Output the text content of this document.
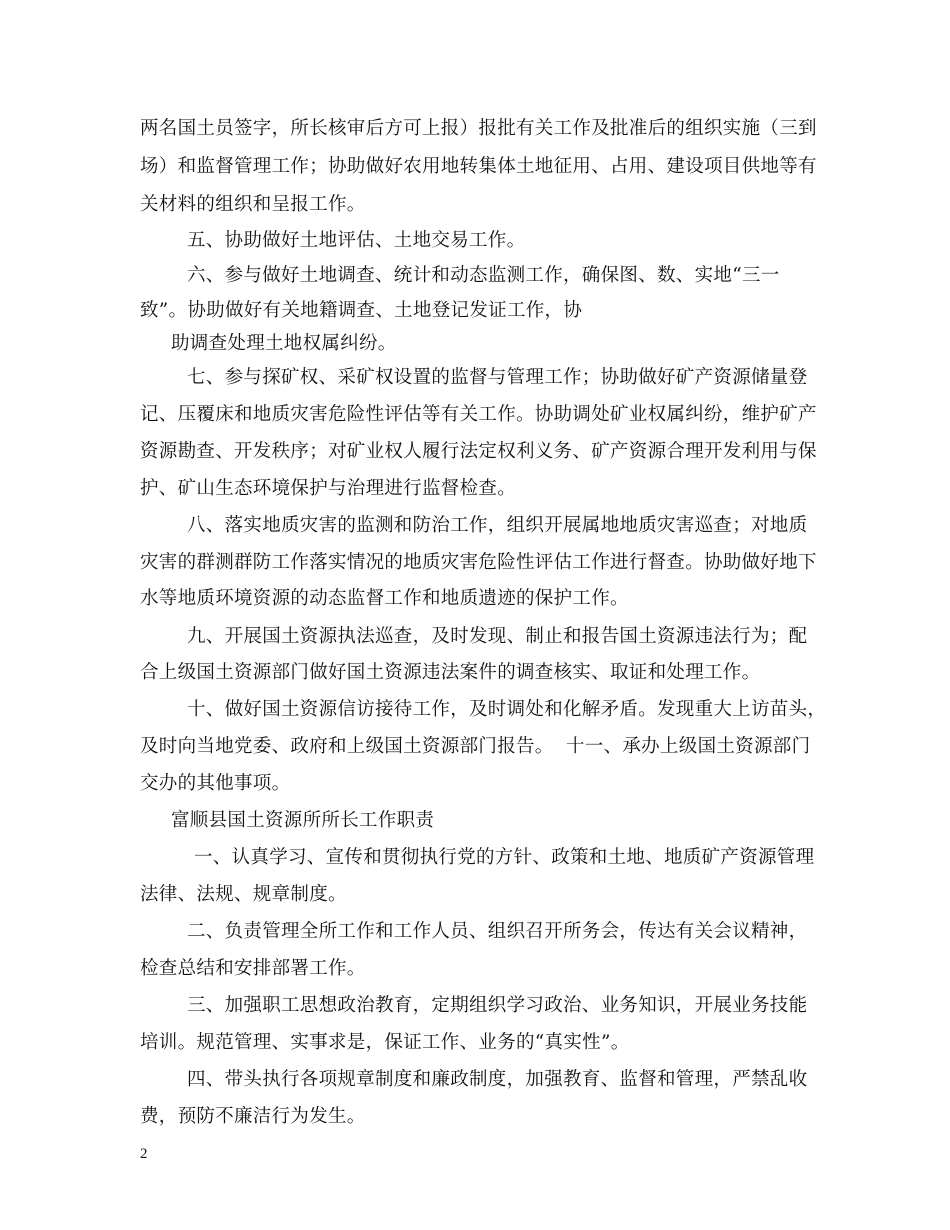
两名国土员签字，所长核审后方可上报）报批有关工作及批准后的组织实施（三到
场）和监督管理工作；协助做好农用地转集体土地征用、占用、建设项目供地等有
关材料的组织和呈报工作。
五、协助做好土地评估、土地交易工作。
六、参与做好土地调查、统计和动态监测工作，确保图、数、实地“三一
致”。协助做好有关地籍调查、土地登记发证工作，协
助调查处理土地权属纠纷。
七、参与探矿权、采矿权设置的监督与管理工作；协助做好矿产资源储量登
记、压覆床和地质灾害危险性评估等有关工作。协助调处矿业权属纠纷，维护矿产
资源勘查、开发秩序；对矿业权人履行法定权利义务、矿产资源合理开发利用与保
护、矿山生态环境保护与治理进行监督检查。
八、落实地质灾害的监测和防治工作，组织开展属地地质灾害巡查；对地质
灾害的群测群防工作落实情况的地质灾害危险性评估工作进行督查。协助做好地下
水等地质环境资源的动态监督工作和地质遗迹的保护工作。
九、开展国土资源执法巡查，及时发现、制止和报告国土资源违法行为；配
合上级国土资源部门做好国土资源违法案件的调查核实、取证和处理工作。
十、做好国土资源信访接待工作，及时调处和化解矛盾。发现重大上访苗头，
及时向当地党委、政府和上级国土资源部门报告。  十一、承办上级国土资源部门
交办的其他事项。
富顺县国土资源所所长工作职责
一、认真学习、宣传和贯彻执行党的方针、政策和土地、地质矿产资源管理
法律、法规、规章制度。
二、负责管理全所工作和工作人员、组织召开所务会，传达有关会议精神，
检查总结和安排部署工作。
三、加强职工思想政治教育，定期组织学习政治、业务知识，开展业务技能
培训。规范管理、实事求是，保证工作、业务的“真实性”。
四、带头执行各项规章制度和廉政制度，加强教育、监督和管理，严禁乱收
费，预防不廉洁行为发生。
2
